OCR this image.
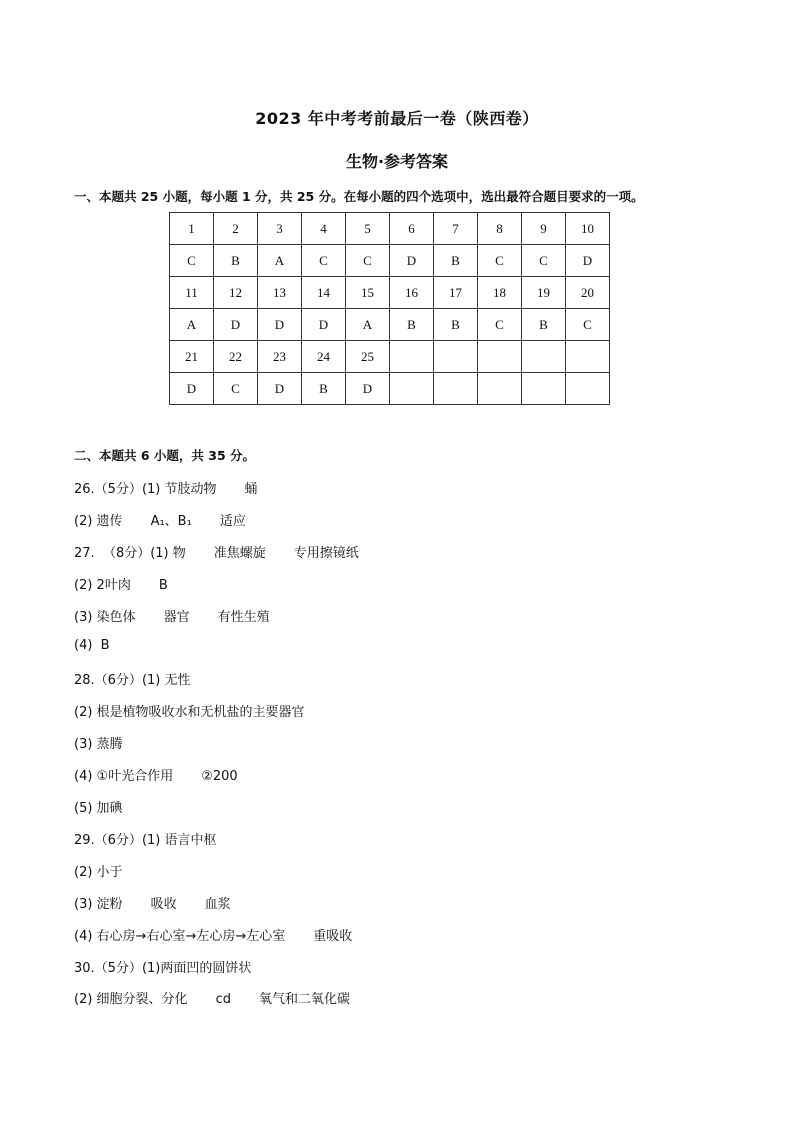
2023 年中考考前最后一卷（陕西卷）
生物·参考答案
一、本题共 25 小题，每小题 1 分，共 25 分。在每小题的四个选项中，选出最符合题目要求的一项。
1	2	3	4	5	6	7	8	9	10
C	B	A	C	C	D	B	C	C	D
11	12	13	14	15	16	17	18	19	20
A	D	D	D	A	B	B	C	B	C
21	22	23	24	25					
D	C	D	B	D					
二、本题共 6 小题，共 35 分。
26.（5分）(1) 节肢动物 蛹
(2) 遗传 A₁、B₁ 适应
27.  （8分）(1) 物 准焦螺旋 专用擦镜纸
(2) 2叶肉 B
(3) 染色体 器官 有性生殖
(4)  B
28.（6分）(1) 无性
(2) 根是植物吸收水和无机盐的主要器官
(3) 蒸腾
(4) ①叶光合作用 ②200
(5) 加碘
29.（6分）(1) 语言中枢
(2) 小于
(3) 淀粉 吸收 血浆
(4) 右心房→右心室→左心房→左心室 重吸收
30.（5分）(1)两面凹的圆饼状
(2) 细胞分裂、分化 cd 氧气和二氧化碳
